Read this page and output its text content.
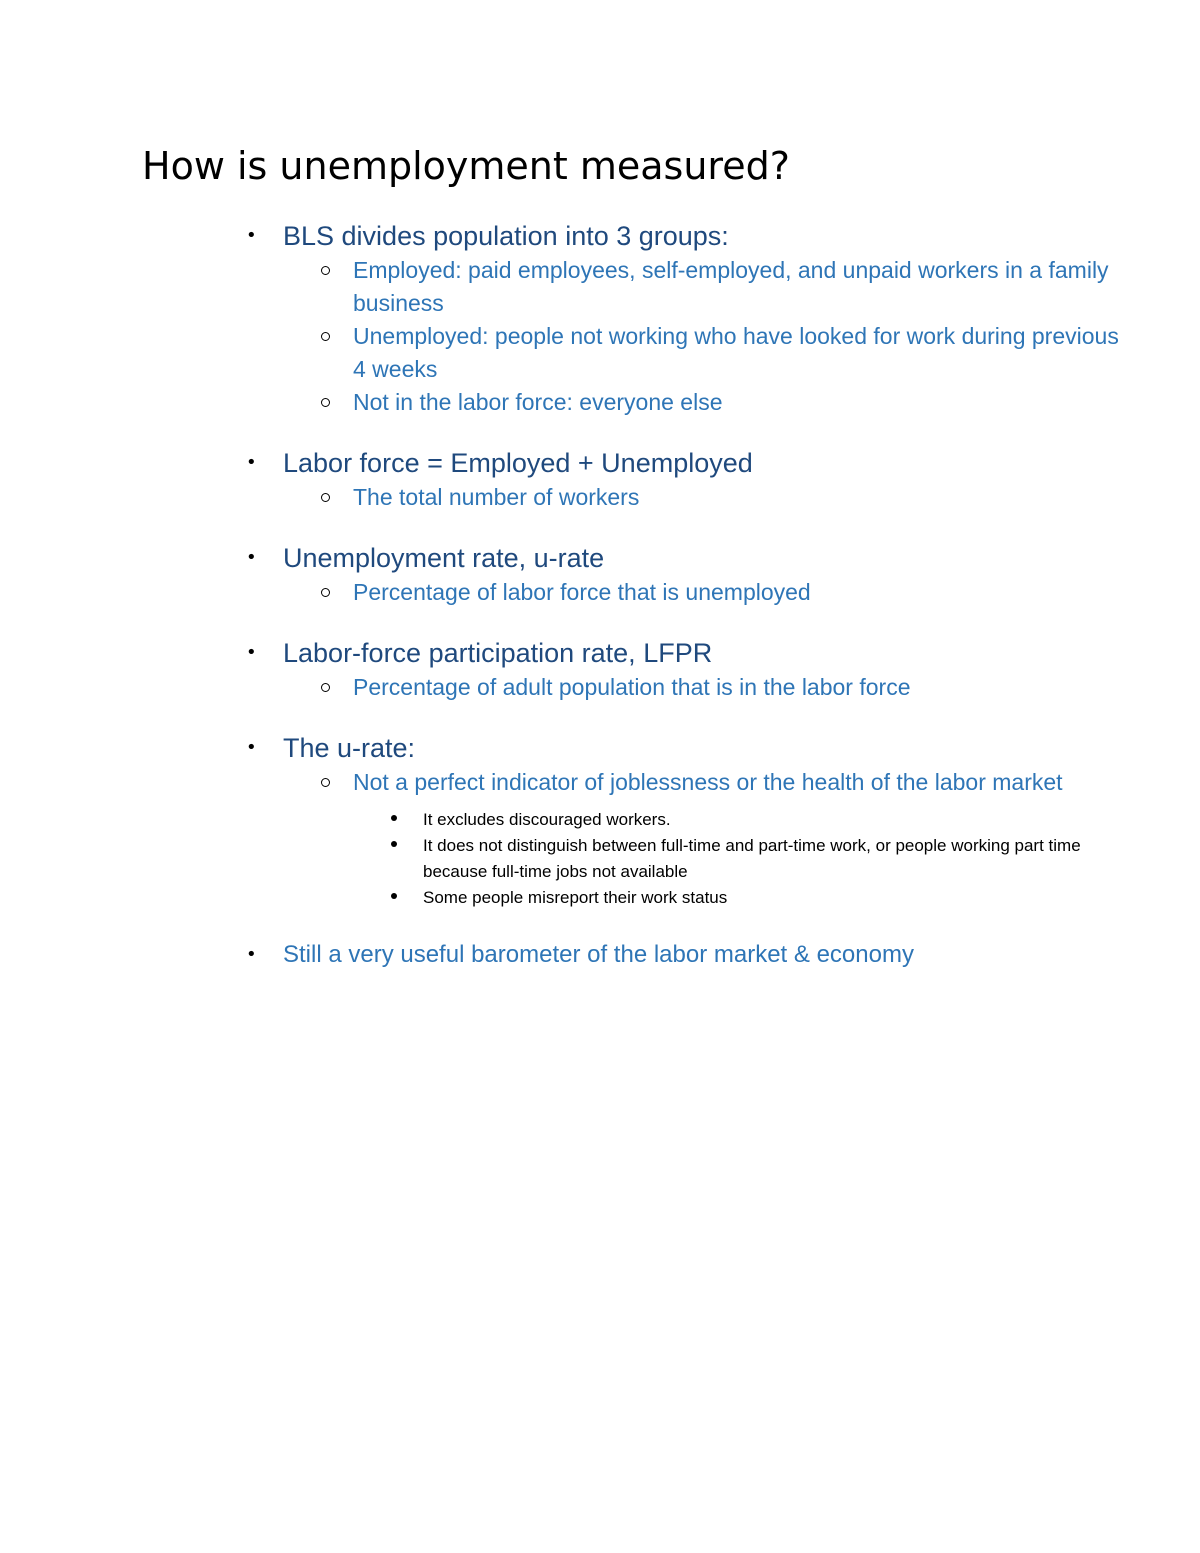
How is unemployment measured?
• BLS divides population into 3 groups:
Employed: paid employees, self-employed, and unpaid workers in a family business
Unemployed: people not working who have looked for work during previous 4 weeks
Not in the labor force: everyone else
• Labor force = Employed + Unemployed
The total number of workers
• Unemployment rate, u-rate
Percentage of labor force that is unemployed
• Labor-force participation rate, LFPR
Percentage of adult population that is in the labor force
• The u-rate:
Not a perfect indicator of joblessness or the health of the labor market
It excludes discouraged workers.
It does not distinguish between full-time and part-time work, or people working part time because full-time jobs not available
Some people misreport their work status
• Still a very useful barometer of the labor market & economy
